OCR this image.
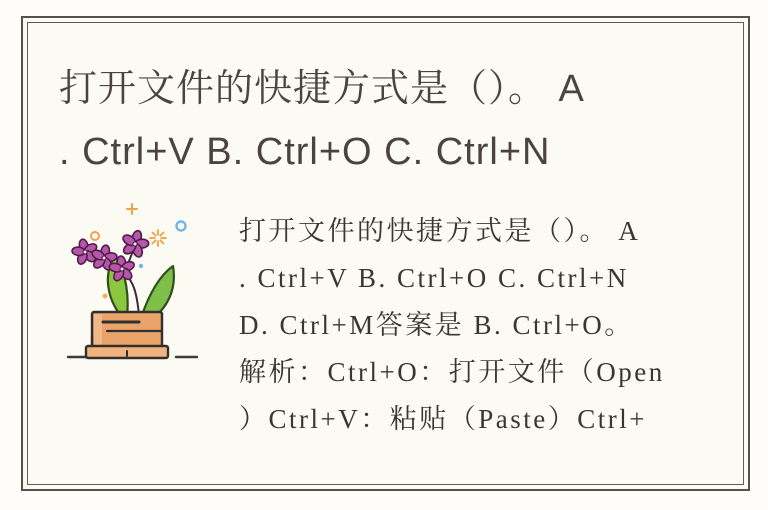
打开文件的快捷方式是（）。 A
. Ctrl+V B. Ctrl+O C. Ctrl+N
打开文件的快捷方式是（）。 A
. Ctrl+V B. Ctrl+O C. Ctrl+N
D. Ctrl+M答案是 B. Ctrl+O。
解析：Ctrl+O：打开文件（Open
）Ctrl+V：粘贴（Paste）Ctrl+
